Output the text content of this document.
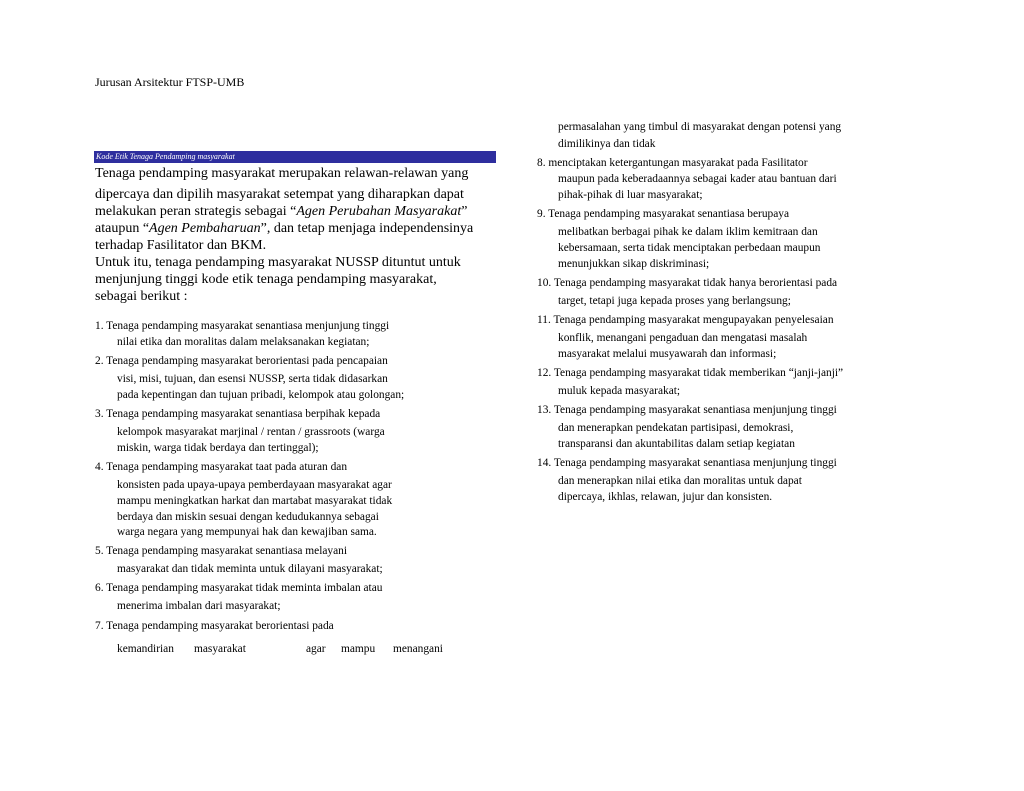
Jurusan Arsitektur FTSP-UMB
Kode Etik Tenaga Pendamping masyarakat
Tenaga pendamping masyarakat merupakan relawan-relawan yang
dipercaya dan dipilih masyarakat setempat yang diharapkan dapat
melakukan peran strategis sebagai “Agen Perubahan Masyarakat”
ataupun “Agen Pembaharuan”, dan tetap menjaga independensinya
terhadap Fasilitator dan BKM.
Untuk itu, tenaga pendamping masyarakat NUSSP dituntut untuk
menjunjung tinggi kode etik tenaga pendamping masyarakat,
sebagai berikut :
1. Tenaga pendamping masyarakat senantiasa menjunjung tinggi
nilai etika dan moralitas dalam melaksanakan kegiatan;
2. Tenaga pendamping masyarakat berorientasi pada pencapaian
visi, misi, tujuan, dan esensi NUSSP, serta tidak didasarkan
pada kepentingan dan tujuan pribadi, kelompok atau golongan;
3. Tenaga pendamping masyarakat senantiasa berpihak kepada
kelompok masyarakat marjinal / rentan / grassroots (warga
miskin, warga tidak berdaya dan tertinggal);
4. Tenaga pendamping masyarakat taat pada aturan dan
konsisten pada upaya-upaya pemberdayaan masyarakat agar
mampu meningkatkan harkat dan martabat masyarakat tidak
berdaya dan miskin sesuai dengan kedudukannya sebagai
warga negara yang mempunyai hak dan kewajiban sama.
5. Tenaga pendamping masyarakat senantiasa melayani
masyarakat dan tidak meminta untuk dilayani masyarakat;
6. Tenaga pendamping masyarakat tidak meminta imbalan atau
menerima imbalan dari masyarakat;
7. Tenaga pendamping masyarakat berorientasi pada
kemandirian masyarakat	agar mampu menangani
permasalahan yang timbul di masyarakat dengan potensi yang
dimilikinya dan tidak
8. menciptakan ketergantungan masyarakat pada Fasilitator
maupun pada keberadaannya sebagai kader atau bantuan dari
pihak-pihak di luar masyarakat;
9. Tenaga pendamping masyarakat senantiasa berupaya
melibatkan berbagai pihak ke dalam iklim kemitraan dan
kebersamaan, serta tidak menciptakan perbedaan maupun
menunjukkan sikap diskriminasi;
10. Tenaga pendamping masyarakat tidak hanya berorientasi pada
target, tetapi juga kepada proses yang berlangsung;
11. Tenaga pendamping masyarakat mengupayakan penyelesaian
konflik, menangani pengaduan dan mengatasi masalah
masyarakat melalui musyawarah dan informasi;
12. Tenaga pendamping masyarakat tidak memberikan “janji-janji”
muluk kepada masyarakat;
13. Tenaga pendamping masyarakat senantiasa menjunjung tinggi
dan menerapkan pendekatan partisipasi, demokrasi,
transparansi dan akuntabilitas dalam setiap kegiatan
14. Tenaga pendamping masyarakat senantiasa menjunjung tinggi
dan menerapkan nilai etika dan moralitas untuk dapat
dipercaya, ikhlas, relawan, jujur dan konsisten.
